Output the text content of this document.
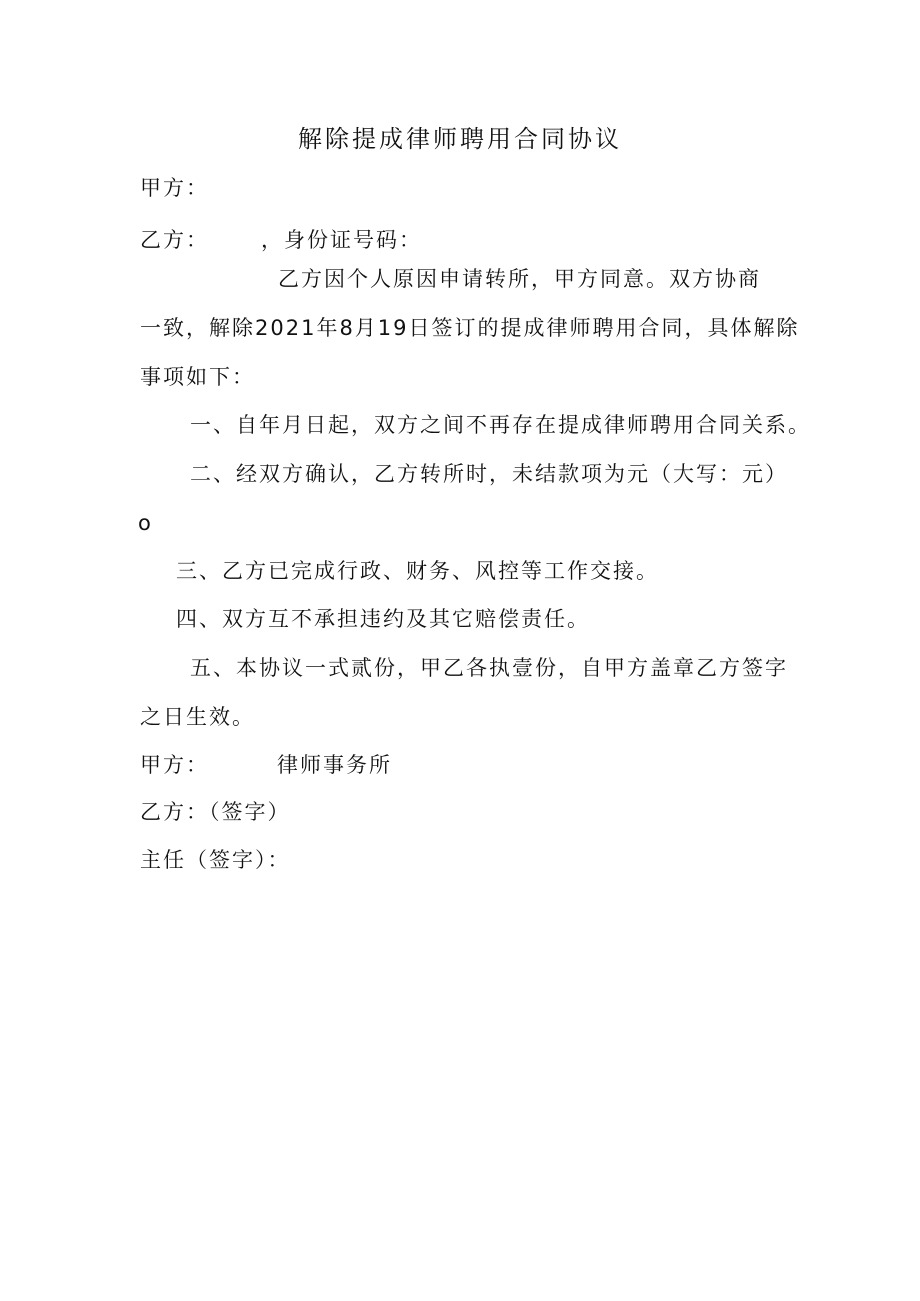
解除提成律师聘用合同协议
甲方：
乙方： ，身份证号码：
乙方因个人原因申请转所，甲方同意。双方协商
一致，解除2021年8月19日签订的提成律师聘用合同，具体解除
事项如下：
一、自年月日起，双方之间不再存在提成律师聘用合同关系。
二、经双方确认，乙方转所时，未结款项为元（大写：元）
o
三、乙方已完成行政、财务、风控等工作交接。
四、双方互不承担违约及其它赔偿责任。
五、本协议一式贰份，甲乙各执壹份，自甲方盖章乙方签字
之日生效。
甲方：	律师事务所
乙方：（签字）
主任（签字）：
